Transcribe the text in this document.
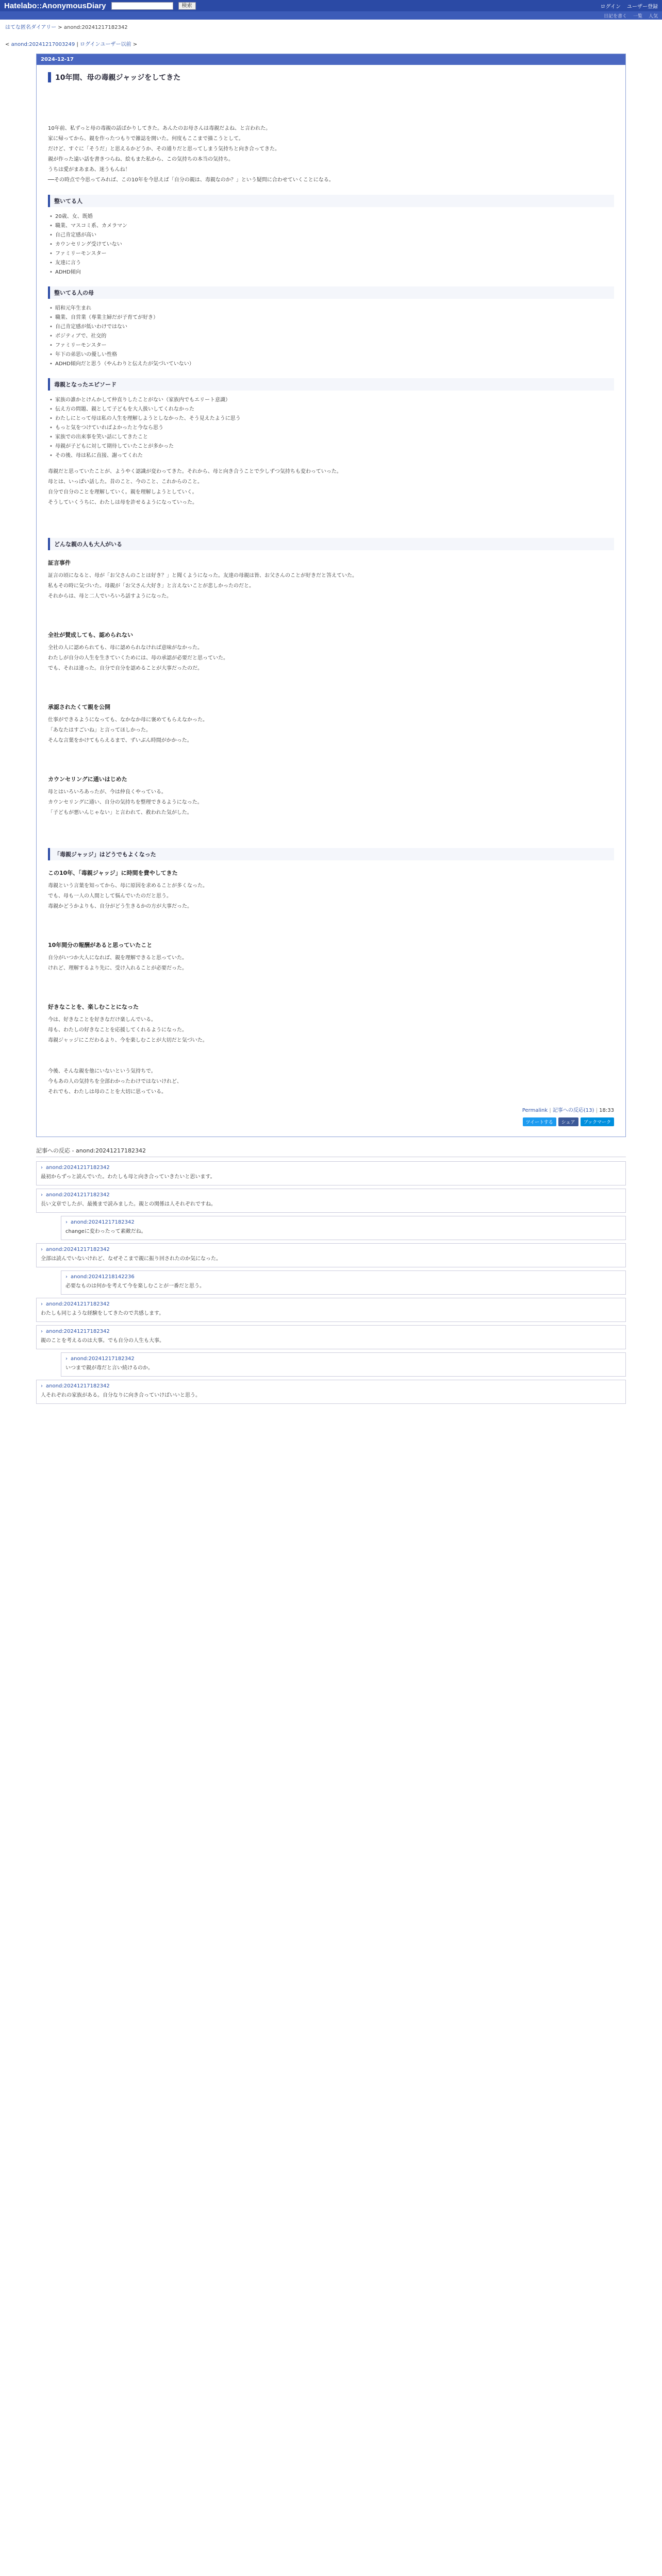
Hatelabo::AnonymousDiary	検索	ログイン ユーザー登録
日記を書く 一覧 人気
はてな匿名ダイアリー > anond:20241217182342
< anond:20241217003249 | ログインユーザー以前 >
2024-12-17
10年間、母の毒親ジャッジをしてきた

10年前、私ずっと母の毒親の話ばかりしてきた。あんたのお母さんは毒親だよね、と言われた。

家に帰ってから、親を作ったつもりで雑誌を開いた。何度もここまで描こうとして。

だけど、すぐに「そうだ」と思えるかどうか、その通りだと思ってしまう気持ちと向き合ってきた。

親が作った遠い話を書きつらね、絵もまた私から、この気持ちの本当の気持ち。

うちは愛がまあまあ、迷うもんね！

──その時点で今思ってみれば、この10年を今思えば「自分の親は、毒親なのか？」という疑問に合わせていくことになる。

整いてる人
• 20歳、女、既婚
• 職業、マスコミ系、カメラマン
• 自己肯定感が高い
• カウンセリング受けていない
• ファミリーモンスター
• 友達に言う
• ADHD傾向
整いてる人の母
• 昭和元年生まれ
• 職業、自営業（専業主婦だが子育てが好き）
• 自己肯定感が低いわけではない
• ポジティブで、社交的
• ファミリーモンスター
• 年下の弟思いの優しい性格
• ADHD傾向だと思う（やんわりと伝えたが気づいていない）
毒親となったエピソード
• 家族の誰かとけんかして仲直りしたことがない（家族内でもエリート意識）
• 伝え方の問題、親として子どもを大人扱いしてくれなかった
• わたしにとって母は私の人生を理解しようとしなかった、そう見えたように思う
• もっと気をつけていればよかったと今なら思う
• 家族での出来事を笑い話にしてきたこと
• 母親が子どもに対して期待していたことが多かった
• その後、母は私に直接、謝ってくれた

毒親だと思っていたことが、ようやく認識が変わってきた。それから、母と向き合うことで少しずつ気持ちも変わっていった。

母とは、いっぱい話した。昔のこと、今のこと、これからのこと。

自分で自分のことを理解していく。親を理解しようとしていく。

そうしていくうちに、わたしは母を許せるようになっていった。

どんな親の人も大人がいる
証言事件

証言の頃になると、母が「お父さんのことは好き？」と聞くようになった。友達の母親は皆、お父さんのことが好きだと答えていた。

私もその時に気づいた。母親が「お父さん大好き」と言えないことが悲しかったのだと。

それからは、母と二人でいろいろ話すようになった。

全社が賛成しても、認められない

全社の人に認められても、母に認められなければ意味がなかった。

わたしが自分の人生を生きていくためには、母の承認が必要だと思っていた。

でも、それは違った。自分で自分を認めることが大事だったのだ。

承認されたくて親を公開

仕事ができるようになっても、なかなか母に褒めてもらえなかった。

「あなたはすごいね」と言ってほしかった。

そんな言葉をかけてもらえるまで、ずいぶん時間がかかった。

カウンセリングに通いはじめた

母とはいろいろあったが、今は仲良くやっている。

カウンセリングに通い、自分の気持ちを整理できるようになった。

「子どもが悪いんじゃない」と言われて、救われた気がした。

「毒親ジャッジ」はどうでもよくなった
この10年、「毒親ジャッジ」に時間を費やしてきた

毒親という言葉を知ってから、母に原因を求めることが多くなった。

でも、母も一人の人間として悩んでいたのだと思う。

毒親かどうかよりも、自分がどう生きるかの方が大事だった。

10年間分の報酬があると思っていたこと

自分がいつか大人になれば、親を理解できると思っていた。

けれど、理解するより先に、受け入れることが必要だった。

好きなことを、楽しむことになった

今は、好きなことを好きなだけ楽しんでいる。

母も、わたしの好きなことを応援してくれるようになった。

毒親ジャッジにこだわるより、今を楽しむことが大切だと気づいた。

今後、そんな親を他にいないという気持ちで。

今もあの人の気持ちを全部わかったわけではないけれど、

それでも、わたしは母のことを大切に思っている。

Permalink | 記事への反応(13) | 18:33
ツイートする	シェア	ブックマーク
記事への反応 - anond:20241217182342
› anond:20241217182342
最初からずっと読んでいた。わたしも母と向き合っていきたいと思います。
› anond:20241217182342
長い文章でしたが、最後まで読みました。親との関係は人それぞれですね。
› anond:20241217182342
changeに変わったって素敵だね。
› anond:20241217182342
全部は読んでいないけれど、なぜそこまで親に振り回されたのか気になった。
› anond:20241218142236
必要なものは何かを考えて今を楽しむことが一番だと思う。
› anond:20241217182342
わたしも同じような経験をしてきたので共感します。
› anond:20241217182342
親のことを考えるのは大事。でも自分の人生も大事。
› anond:20241217182342
いつまで親が毒だと言い続けるのか。
› anond:20241217182342
人それぞれの家族がある。自分なりに向き合っていけばいいと思う。
